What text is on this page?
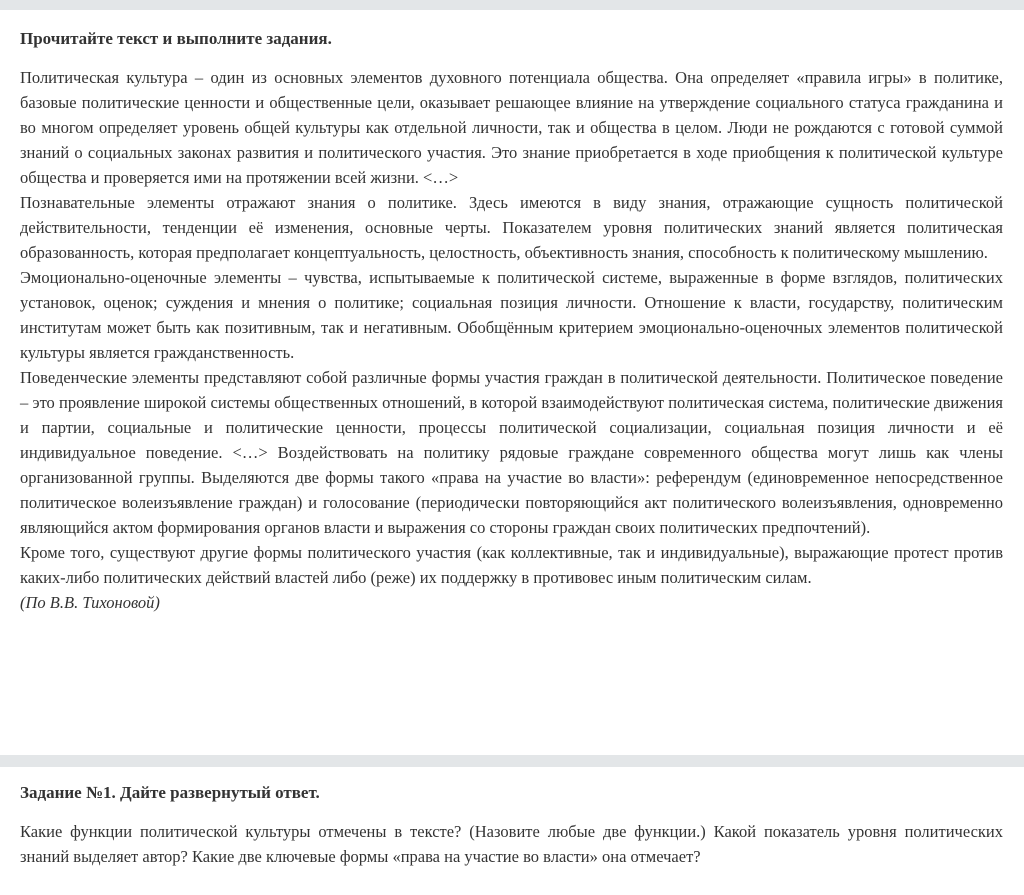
Прочитайте текст и выполните задания.

Политическая культура – один из основных элементов духовного потенциала общества. Она определяет «правила игры» в политике, базовые политические ценности и общественные цели, оказывает решающее влияние на утверждение социального статуса гражданина и во многом определяет уровень общей культуры как отдельной личности, так и общества в целом. Люди не рождаются с готовой суммой знаний о социальных законах развития и политического участия. Это знание приобретается в ходе приобщения к политической культуре общества и проверяется ими на протяжении всей жизни. <…>

Познавательные элементы отражают знания о политике. Здесь имеются в виду знания, отражающие сущность политической действительности, тенденции её изменения, основные черты. Показателем уровня политических знаний является политическая образованность, которая предполагает концептуальность, целостность, объективность знания, способность к политическому мышлению.

Эмоционально-оценочные элементы – чувства, испытываемые к политической системе, выраженные в форме взглядов, политических установок, оценок; суждения и мнения о политике; социальная позиция личности. Отношение к власти, государству, политическим институтам может быть как позитивным, так и негативным. Обобщённым критерием эмоционально-оценочных элементов политической культуры является гражданственность.

Поведенческие элементы представляют собой различные формы участия граждан в политической деятельности. Политическое поведение – это проявление широкой системы общественных отношений, в которой взаимодействуют политическая система, политические движения и партии, социальные и политические ценности, процессы политической социализации, социальная позиция личности и её индивидуальное поведение. <…> Воздействовать на политику рядовые граждане современного общества могут лишь как члены организованной группы. Выделяются две формы такого «права на участие во власти»: референдум (единовременное непосредственное политическое волеизъявление граждан) и голосование (периодически повторяющийся акт политического волеизъявления, одновременно являющийся актом формирования органов власти и выражения со стороны граждан своих политических предпочтений).

Кроме того, существуют другие формы политического участия (как коллективные, так и индивидуальные), выражающие протест против каких-либо политических действий властей либо (реже) их поддержку в противовес иным политическим силам.

(По В.В. Тихоновой)

Задание №1. Дайте развернутый ответ.

Какие функции политической культуры отмечены в тексте? (Назовите любые две функции.) Какой показатель уровня политических знаний выделяет автор? Какие две ключевые формы «права на участие во власти» она отмечает?
